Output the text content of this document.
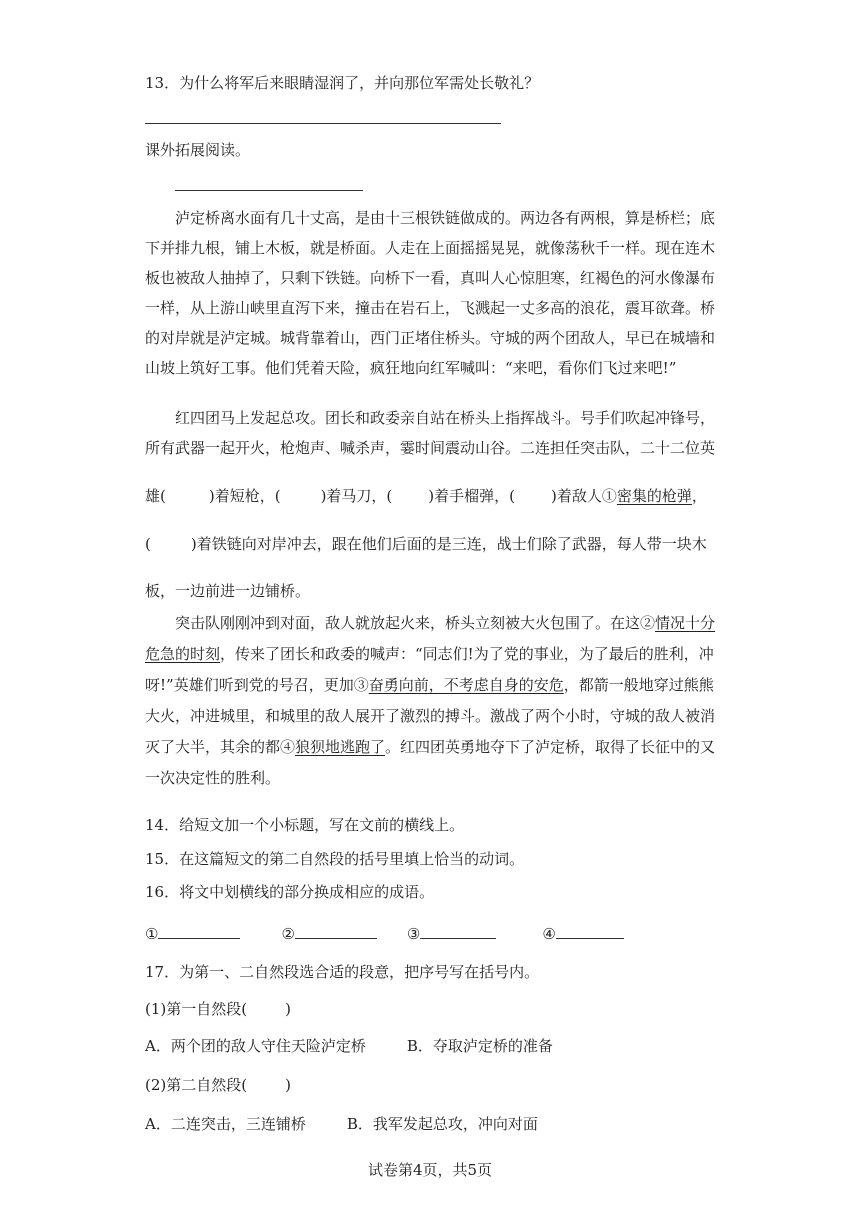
13．为什么将军后来眼睛湿润了，并向那位军需处长敬礼？
课外拓展阅读。
泸定桥离水面有几十丈高，是由十三根铁链做成的。两边各有两根，算是桥栏；底
下并排九根，铺上木板，就是桥面。人走在上面摇摇晃晃，就像荡秋千一样。现在连木
板也被敌人抽掉了，只剩下铁链。向桥下一看，真叫人心惊胆寒，红褐色的河水像瀑布
一样，从上游山峡里直泻下来，撞击在岩石上，飞溅起一丈多高的浪花，震耳欲聋。桥
的对岸就是泸定城。城背靠着山，西门正堵住桥头。守城的两个团敌人，早已在城墙和
山坡上筑好工事。他们凭着天险，疯狂地向红军喊叫：“来吧，看你们飞过来吧!”
红四团马上发起总攻。团长和政委亲自站在桥头上指挥战斗。号手们吹起冲锋号，
所有武器一起开火，枪炮声、喊杀声，霎时间震动山谷。二连担任突击队，二十二位英
雄(	)着短枪，(	)着马刀，( )着手榴弹，( )着敌人①密集的枪弹，
(	)着铁链向对岸冲去，跟在他们后面的是三连，战士们除了武器，每人带一块木
板，一边前进一边铺桥。
突击队刚刚冲到对面，敌人就放起火来，桥头立刻被大火包围了。在这②情况十分
危急的时刻，传来了团长和政委的喊声：“同志们!为了党的事业，为了最后的胜利，冲
呀!”英雄们听到党的号召，更加③奋勇向前，不考虑自身的安危，都箭一般地穿过熊熊
大火，冲进城里，和城里的敌人展开了激烈的搏斗。激战了两个小时，守城的敌人被消
灭了大半，其余的都④狼狈地逃跑了。红四团英勇地夺下了泸定桥，取得了长征中的又
一次决定性的胜利。
14．给短文加一个小标题，写在文前的横线上。
15．在这篇短文的第二自然段的括号里填上恰当的动词。
16．将文中划横线的部分换成相应的成语。
①	②	③	④
17．为第一、二自然段选合适的段意，把序号写在括号内。
(1)第一自然段(	)
A．两个团的敌人守住天险泸定桥	B．夺取泸定桥的准备
(2)第二自然段(	)
A．二连突击，三连铺桥	B．我军发起总攻，冲向对面
试卷第4页，共5页
